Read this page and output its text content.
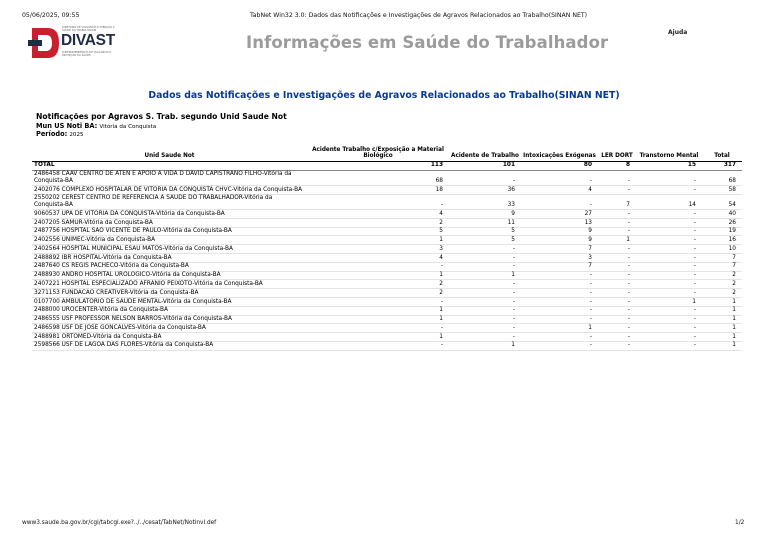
05/06/2025, 09:55	TabNet Win32 3.0: Dados das Notificações e Investigações de Agravos Relacionados ao Trabalho(SINAN NET)
DIRETORIA DE VIGILÂNCIA E ATENÇÃO À SAÚDE DO TRABALHADOR
DIVAST
SUPERINTENDÊNCIA DE VIGILÂNCIA E PROTEÇÃO DA SAÚDE
Ajuda
Informações em Saúde do Trabalhador
Dados das Notificações e Investigações de Agravos Relacionados ao Trabalho(SINAN NET)
Notificações por Agravos S. Trab. segundo Unid Saude Not
Mun US Noti BA: Vitória da Conquista
Período: 2025
Unid Saude Not	Acidente Trabalho c/Exposição a Material Biológico	Acidente de Trabalho	Intoxicações Exógenas	LER DORT	Transtorno Mental	Total
TOTAL	113	101	80	8	15	317
2486458 CAAV CENTRO DE ATEN E APOIO A VIDA D DAVID CAPISTRANO FILHO-Vitória da Conquista-BA	68	-	-	-	-	68
2402076 COMPLEXO HOSPITALAR DE VITORIA DA CONQUISTA CHVC-Vitória da Conquista-BA	18	36	4	-	-	58
2550202 CEREST CENTRO DE REFERENCIA A SAUDE DO TRABALHADOR-Vitória da Conquista-BA	-	33	-	7	14	54
9060537 UPA DE VITORIA DA CONQUISTA-Vitória da Conquista-BA	4	9	27	-	-	40
2407205 SAMUR-Vitória da Conquista-BA	2	11	13	-	-	26
2487756 HOSPITAL SAO VICENTE DE PAULO-Vitória da Conquista-BA	5	5	9	-	-	19
2402556 UNIMEC-Vitória da Conquista-BA	1	5	9	1	-	16
2402564 HOSPITAL MUNICIPAL ESAU MATOS-Vitória da Conquista-BA	3	-	7	-	-	10
2488892 IBR HOSPITAL-Vitória da Conquista-BA	4	-	3	-	-	7
2487640 CS REGIS PACHECO-Vitória da Conquista-BA	-	-	7	-	-	7
2488930 ANDRO HOSPITAL UROLOGICO-Vitória da Conquista-BA	1	1	-	-	-	2
2407221 HOSPITAL ESPECIALIZADO AFRANIO PEIXOTO-Vitória da Conquista-BA	2	-	-	-	-	2
3271153 FUNDACAO CREATIVER-Vitória da Conquista-BA	2	-	-	-	-	2
0107700 AMBULATORIO DE SAUDE MENTAL-Vitória da Conquista-BA	-	-	-	-	1	1
2488000 UROCENTER-Vitória da Conquista-BA	1	-	-	-	-	1
2486555 USF PROFESSOR NELSON BARROS-Vitória da Conquista-BA	1	-	-	-	-	1
2486598 USF DE JOSE GONCALVES-Vitória da Conquista-BA	-	-	1	-	-	1
2488981 ORTOMED-Vitória da Conquista-BA	1	-	-	-	-	1
2598566 USF DE LAGOA DAS FLORES-Vitória da Conquista-BA	-	1	-	-	-	1
www3.saude.ba.gov.br/cgi/tabcgi.exe?../../cesat/TabNet/Notinvl.def	1/2
